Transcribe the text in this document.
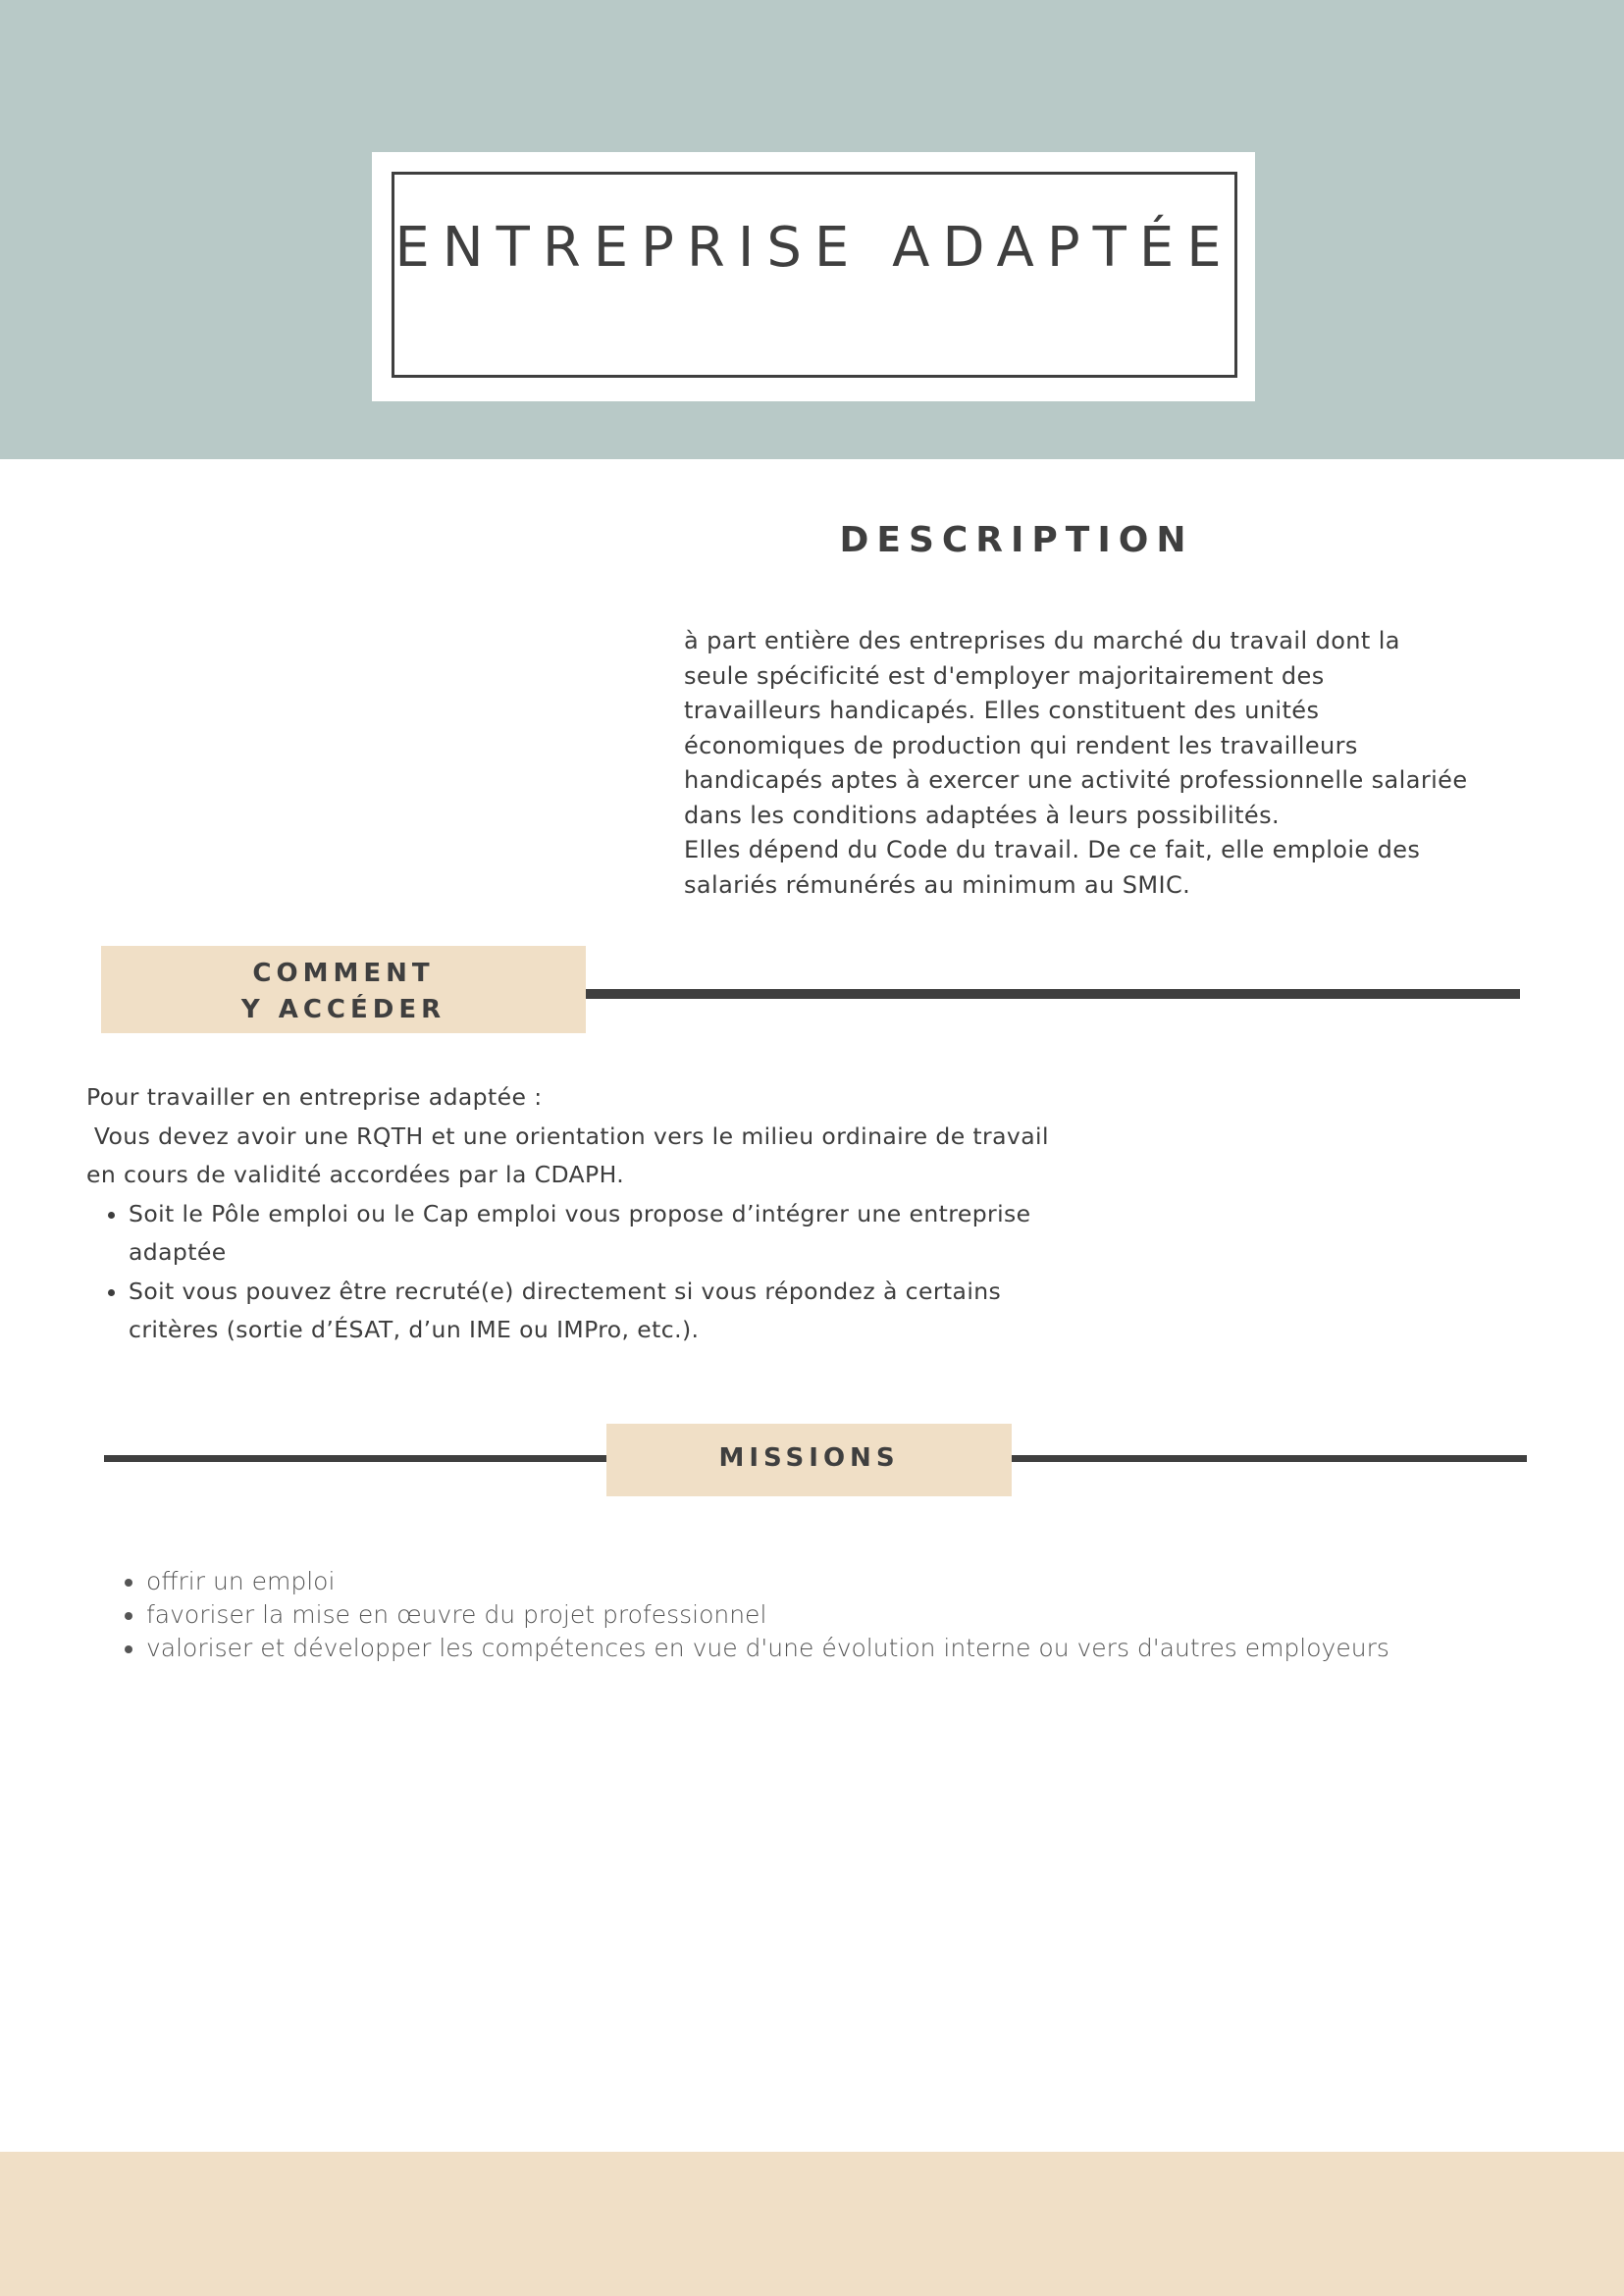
ENTREPRISE ADAPTÉE
DESCRIPTION

à part entière des entreprises du marché du travail dont la seule spécificité est d'employer majoritairement des travailleurs handicapés. Elles constituent des unités économiques de production qui rendent les travailleurs handicapés aptes à exercer une activité professionnelle salariée dans les conditions adaptées à leurs possibilités.

Elles dépend du Code du travail. De ce fait, elle emploie des salariés rémunérés au minimum au SMIC.

COMMENT
Y ACCÉDER

Pour travailler en entreprise adaptée :

Vous devez avoir une RQTH et une orientation vers le milieu ordinaire de travail en cours de validité accordées par la CDAPH.

• Soit le Pôle emploi ou le Cap emploi vous propose d’intégrer une entreprise adaptée
• Soit vous pouvez être recruté(e) directement si vous répondez à certains critères (sortie d’ÉSAT, d’un IME ou IMPro, etc.).
MISSIONS
• offrir un emploi
• favoriser la mise en œuvre du projet professionnel
• valoriser et développer les compétences en vue d'une évolution interne ou vers d'autres employeurs
